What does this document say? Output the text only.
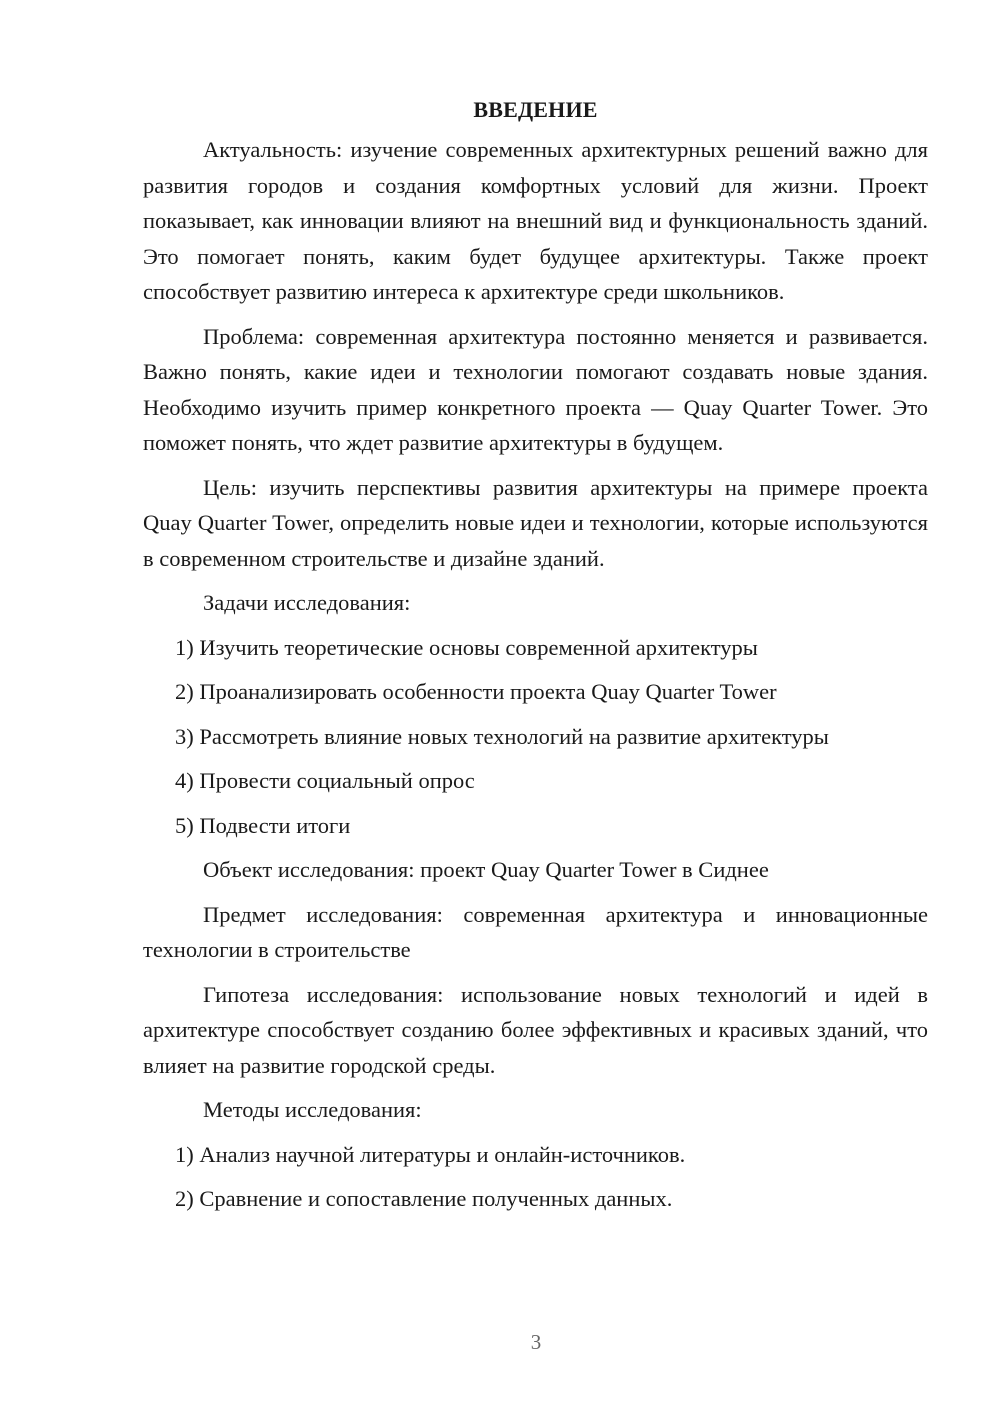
ВВЕДЕНИЕ

Актуальность: изучение современных архитектурных решений важно для развития городов и создания комфортных условий для жизни. Проект показывает, как инновации влияют на внешний вид и функциональность зданий. Это помогает понять, каким будет будущее архитектуры. Также проект способствует развитию интереса к архитектуре среди школьников.

Проблема: современная архитектура постоянно меняется и развивается. Важно понять, какие идеи и технологии помогают создавать новые здания. Необходимо изучить пример конкретного проекта — Quay Quarter Tower. Это поможет понять, что ждет развитие архитектуры в будущем.

Цель: изучить перспективы развития архитектуры на примере проекта Quay Quarter Tower, определить новые идеи и технологии, которые используются в современном строительстве и дизайне зданий.

Задачи исследования:

1) Изучить теоретические основы современной архитектуры

2) Проанализировать особенности проекта Quay Quarter Tower

3) Рассмотреть влияние новых технологий на развитие архитектуры

4) Провести социальный опрос

5) Подвести итоги

Объект исследования: проект Quay Quarter Tower в Сиднее

Предмет исследования: современная архитектура и инновационные технологии в строительстве

Гипотеза исследования: использование новых технологий и идей в архитектуре способствует созданию более эффективных и красивых зданий, что влияет на развитие городской среды.

Методы исследования:

1) Анализ научной литературы и онлайн-источников.

2) Сравнение и сопоставление полученных данных.

3
